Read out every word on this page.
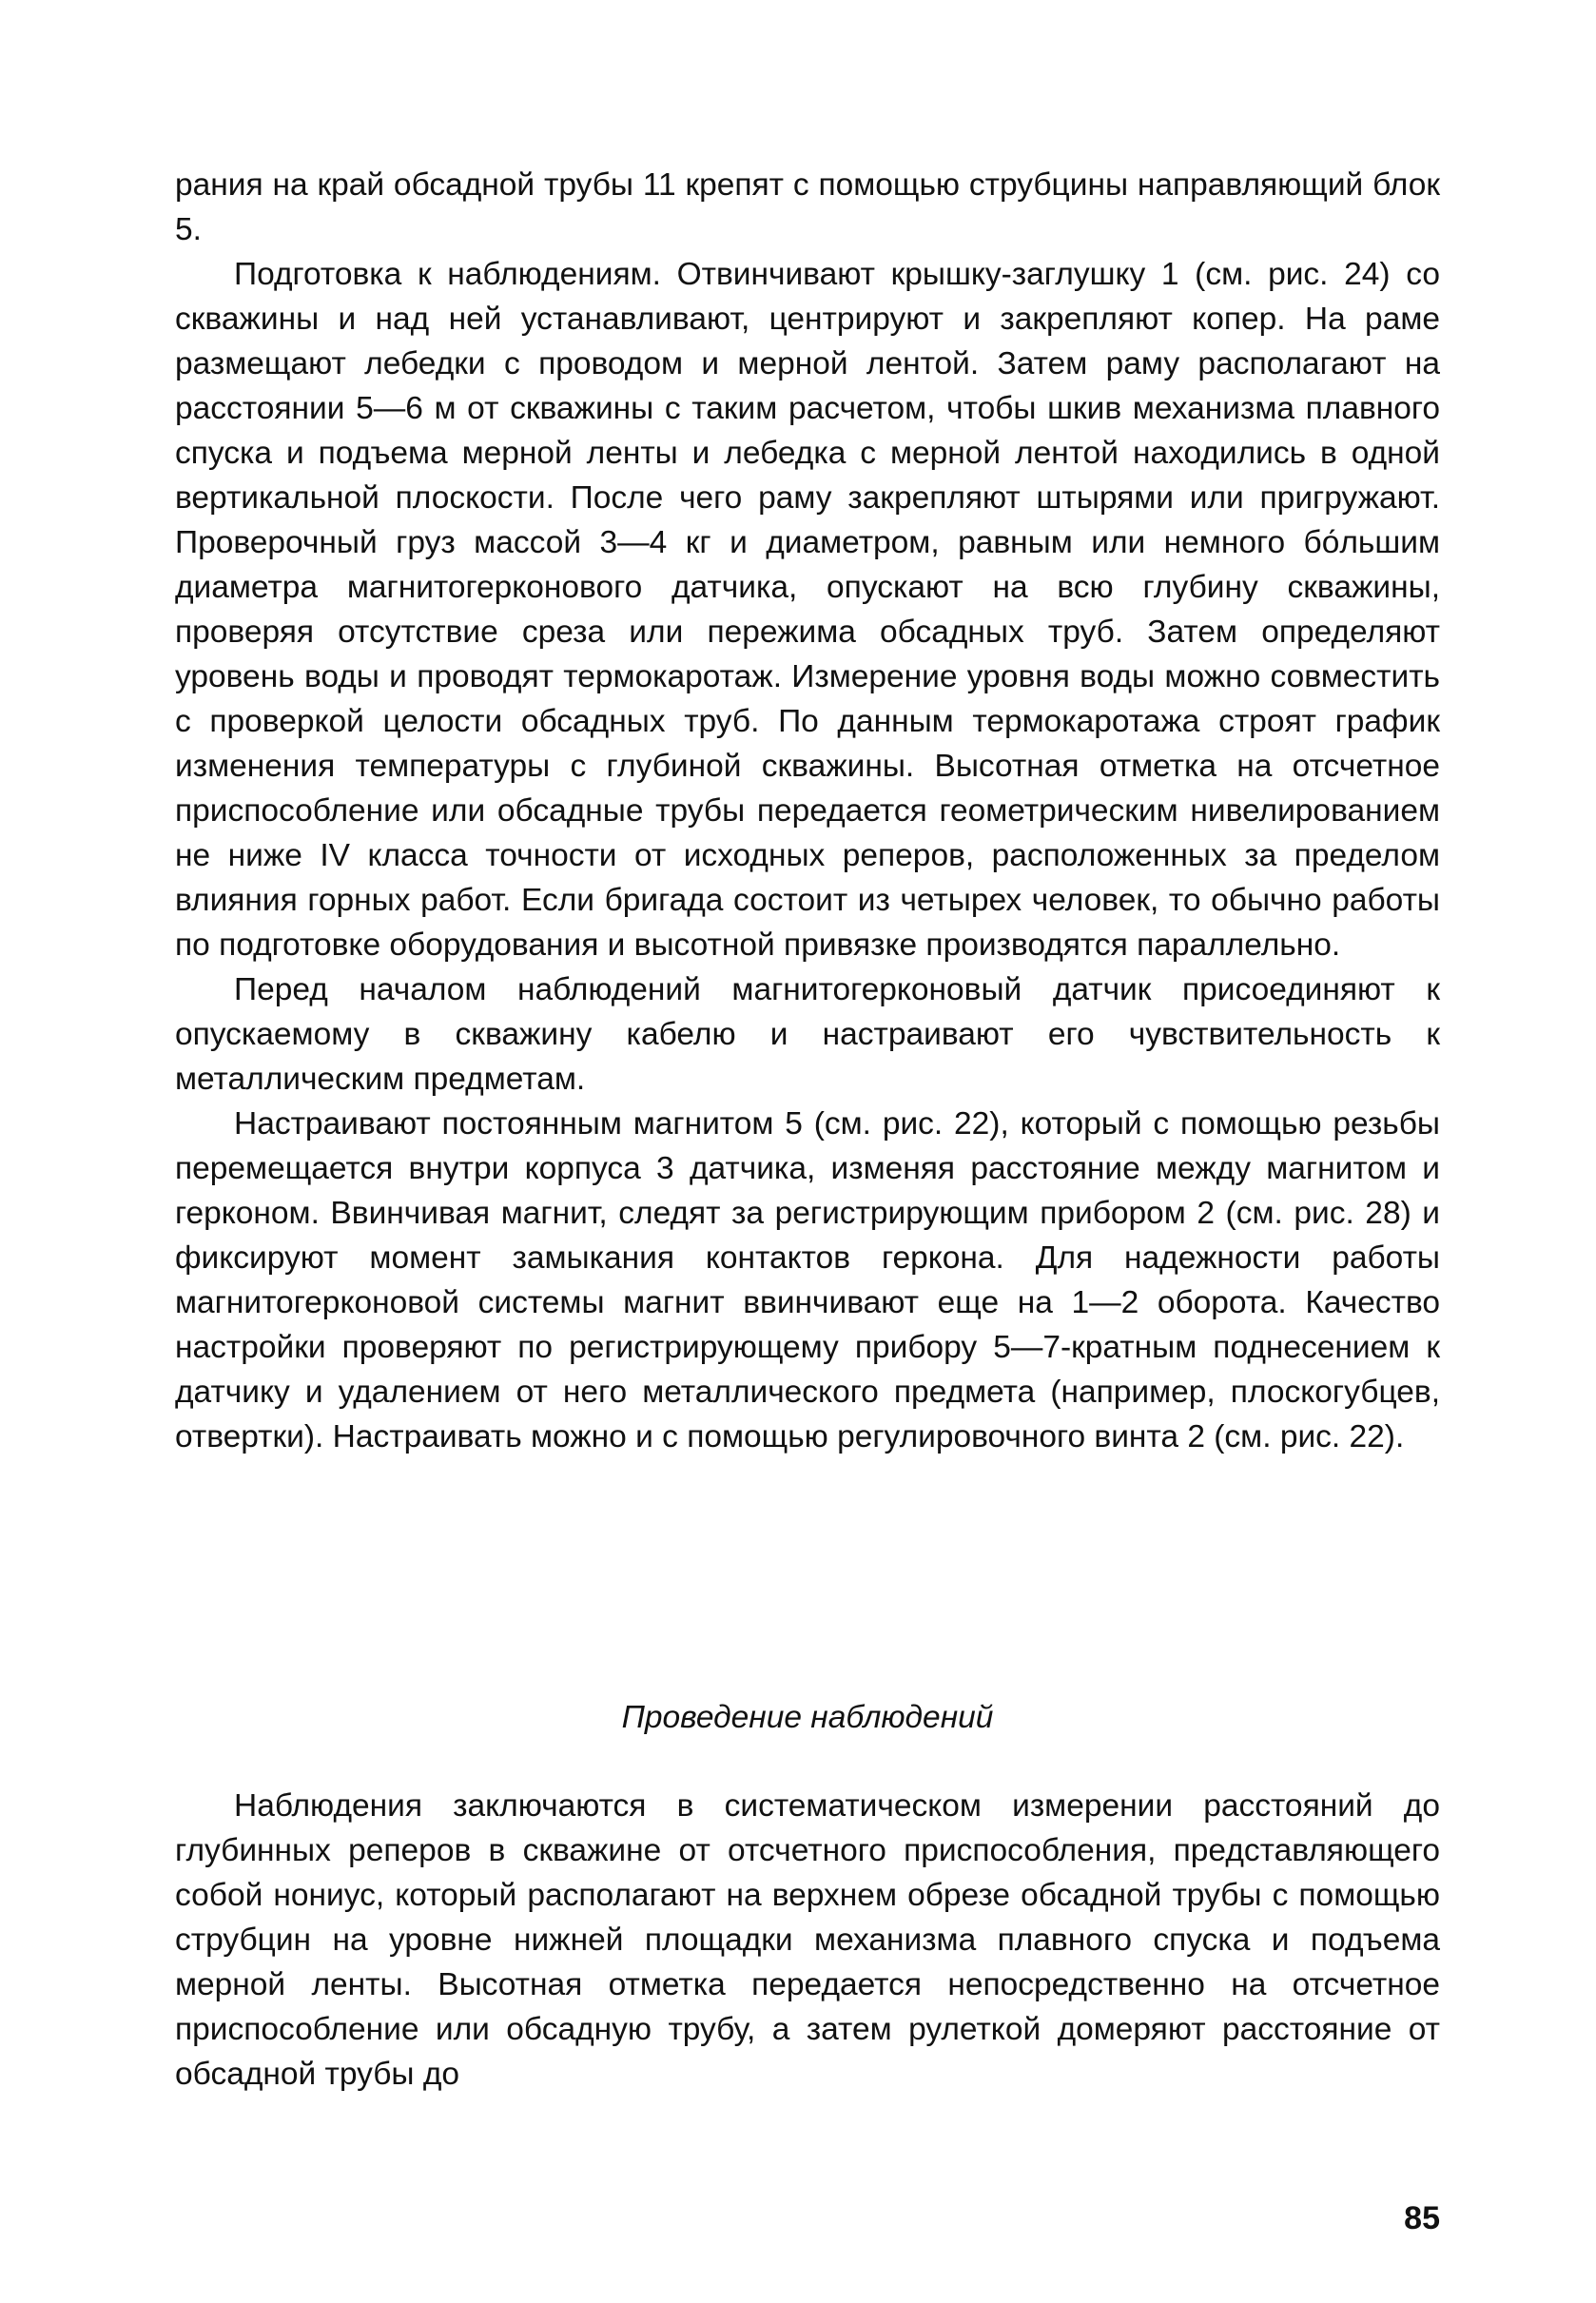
рания на край обсадной трубы 11 крепят с помощью струбцины направляющий блок 5.

Подготовка к наблюдениям. Отвинчивают крышку-заглушку 1 (см. рис. 24) со скважины и над ней устанавливают, центрируют и закрепляют копер. На раме размещают лебедки с проводом и мерной лентой. Затем раму располагают на расстоянии 5—6 м от скважины с таким расчетом, чтобы шкив механизма плавного спуска и подъема мерной ленты и лебедка с мерной лентой находились в одной вертикальной плоскости. После чего раму закрепляют штырями или пригружают. Проверочный груз массой 3—4 кг и диаметром, равным или немного бо́льшим диаметра магнитогерконового датчика, опускают на всю глубину скважины, проверяя отсутствие среза или пережима обсадных труб. Затем определяют уровень воды и проводят термокаротаж. Измерение уровня воды можно совместить с проверкой целости обсадных труб. По данным термокаротажа строят график изменения температуры с глубиной скважины. Высотная отметка на отсчетное приспособление или обсадные трубы передается геометрическим нивелированием не ниже IV класса точности от исходных реперов, расположенных за пределом влияния горных работ. Если бригада состоит из четырех человек, то обычно работы по подготовке оборудования и высотной привязке производятся параллельно.

Перед началом наблюдений магнитогерконовый датчик присоединяют к опускаемому в скважину кабелю и настраивают его чувствительность к металлическим предметам.

Настраивают постоянным магнитом 5 (см. рис. 22), который с помощью резьбы перемещается внутри корпуса 3 датчика, изменяя расстояние между магнитом и герконом. Ввинчивая магнит, следят за регистрирующим прибором 2 (см. рис. 28) и фиксируют момент замыкания контактов геркона. Для надежности работы магнитогерконовой системы магнит ввинчивают еще на 1—2 оборота. Качество настройки проверяют по регистрирующему прибору 5—7-кратным поднесением к датчику и удалением от него металлического предмета (например, плоскогубцев, отвертки). Настраивать можно и с помощью регулировочного винта 2 (см. рис. 22).

Проведение наблюдений

Наблюдения заключаются в систематическом измерении расстояний до глубинных реперов в скважине от отсчетного приспособления, представляющего собой нониус, который располагают на верхнем обрезе обсадной трубы с помощью струбцин на уровне нижней площадки механизма плавного спуска и подъема мерной ленты. Высотная отметка передается непосредственно на отсчетное приспособление или обсадную трубу, а затем рулеткой домеряют расстояние от обсадной трубы до

85
